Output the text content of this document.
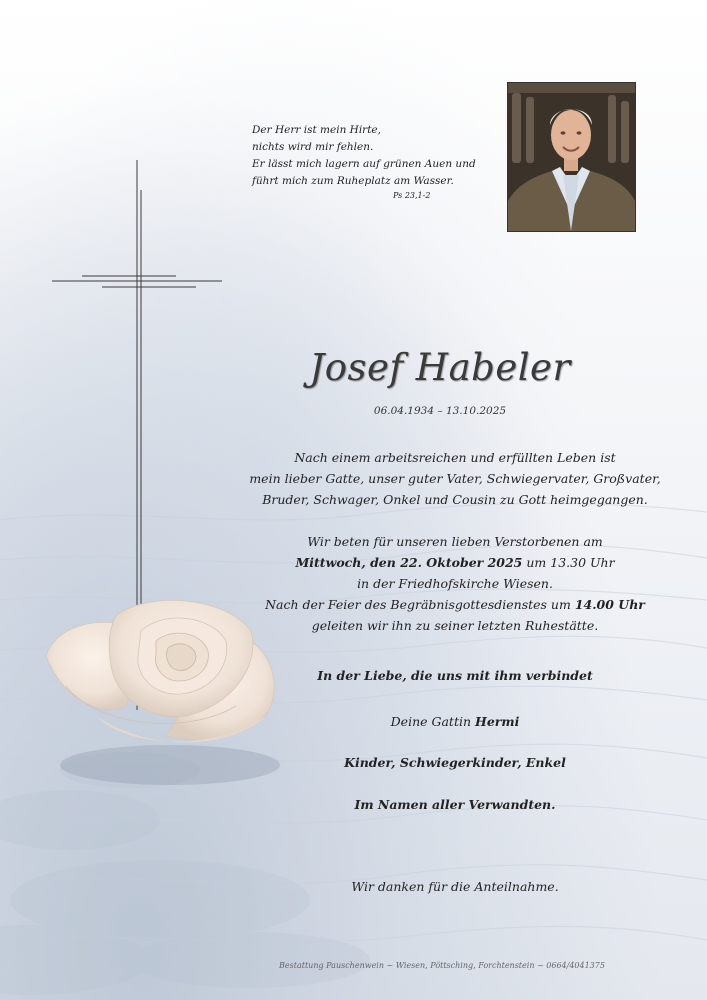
Der Herr ist mein Hirte,
nichts wird mir fehlen.
Er lässt mich lagern auf grünen Auen und
führt mich zum Ruheplatz am Wasser.
Ps 23,1-2
Josef Habeler
06.04.1934 – 13.10.2025
Nach einem arbeitsreichen und erfüllten Leben ist
mein lieber Gatte, unser guter Vater, Schwiegervater, Großvater,
Bruder, Schwager, Onkel und Cousin zu Gott heimgegangen.
Wir beten für unseren lieben Verstorbenen am
Mittwoch, den 22. Oktober 2025 um 13.30 Uhr
in der Friedhofskirche Wiesen.
Nach der Feier des Begräbnisgottesdienstes um 14.00 Uhr
geleiten wir ihn zu seiner letzten Ruhestätte.
In der Liebe, die uns mit ihm verbindet
Deine Gattin Hermi
Kinder, Schwiegerkinder, Enkel
Im Namen aller Verwandten.
Wir danken für die Anteilnahme.
Bestattung Pauschenwein ~ Wiesen, Pöttsching, Forchtenstein ~ 0664/4041375
